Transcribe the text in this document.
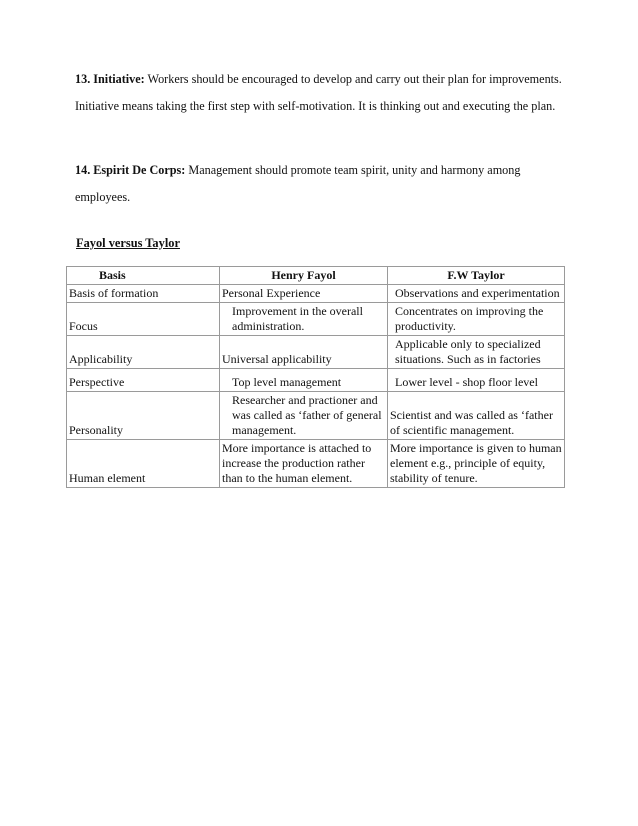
13. Initiative: Workers should be encouraged to develop and carry out their plan for improvements. Initiative means taking the first step with self-motivation. It is thinking out and executing the plan.

14. Espirit De Corps: Management should promote team spirit, unity and harmony among employees.

Fayol versus Taylor

Basis	Henry Fayol	F.W Taylor
Basis of formation	Personal Experience	Observations and experimentation
Focus	Improvement in the overall administration.	Concentrates on improving the productivity.
Applicability	Universal applicability	Applicable only to specialized situations. Such as in factories
Perspective	Top level management	Lower level - shop floor level
Personality	Researcher and practioner and was called as ‘father of general management.	Scientist and was called as ‘father of scientific management.
Human element	More importance is attached to increase the production rather than to the human element.	More importance is given to human element e.g., principle of equity, stability of tenure.
